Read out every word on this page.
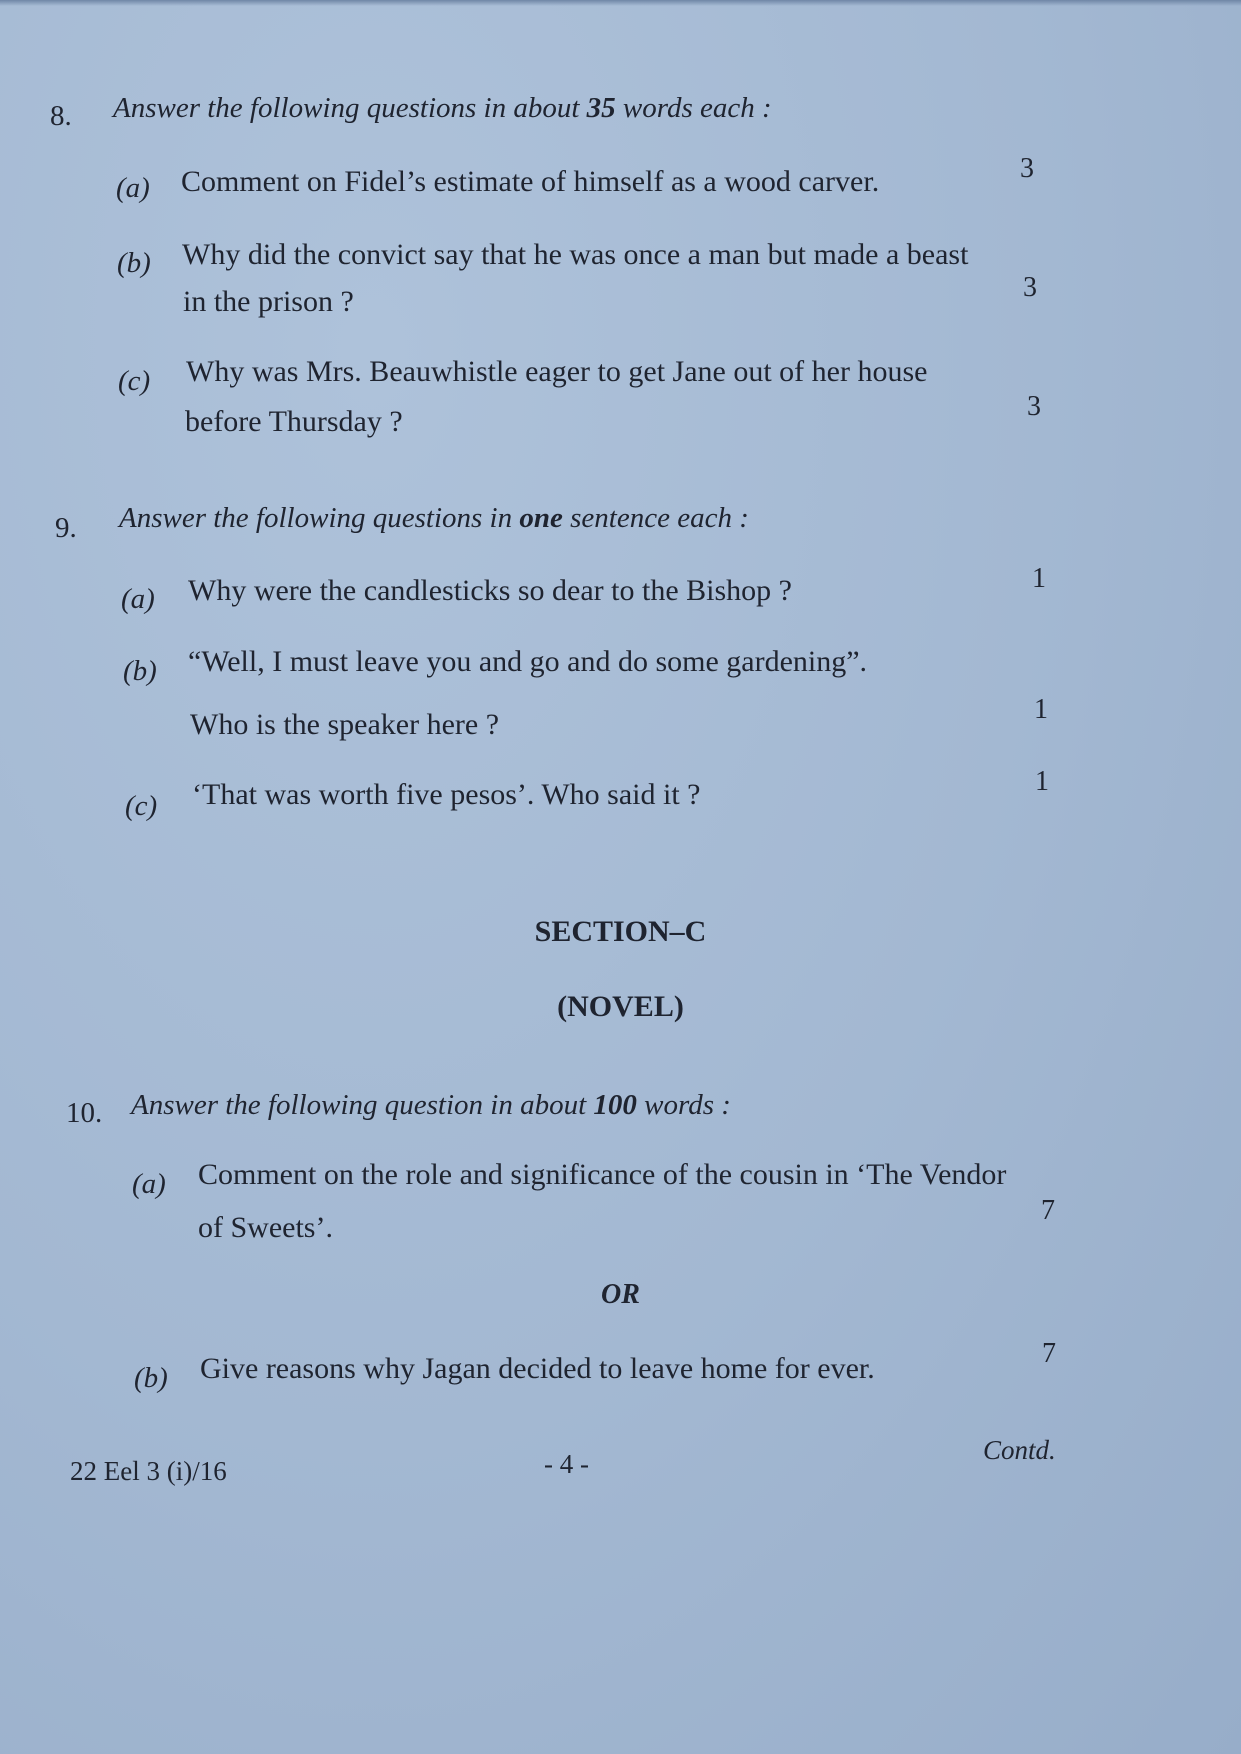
8. Answer the following questions in about 35 words each :
(a) Comment on Fidel’s estimate of himself as a wood carver.	3
(b) Why did the convict say that he was once a man but made a beast
in the prison ?	3
(c) Why was Mrs. Beauwhistle eager to get Jane out of her house
before Thursday ?	3
9. Answer the following questions in one sentence each :
(a) Why were the candlesticks so dear to the Bishop ?	1
(b) “Well, I must leave you and go and do some gardening”.
Who is the speaker here ?	1
(c) ‘That was worth five pesos’. Who said it ?	1
SECTION–C
(NOVEL)
10. Answer the following question in about 100 words :
(a) Comment on the role and significance of the cousin in ‘The Vendor
of Sweets’.
7
OR
(b) Give reasons why Jagan decided to leave home for ever.	7
22 Eel 3 (i)/16	- 4 -	Contd.
